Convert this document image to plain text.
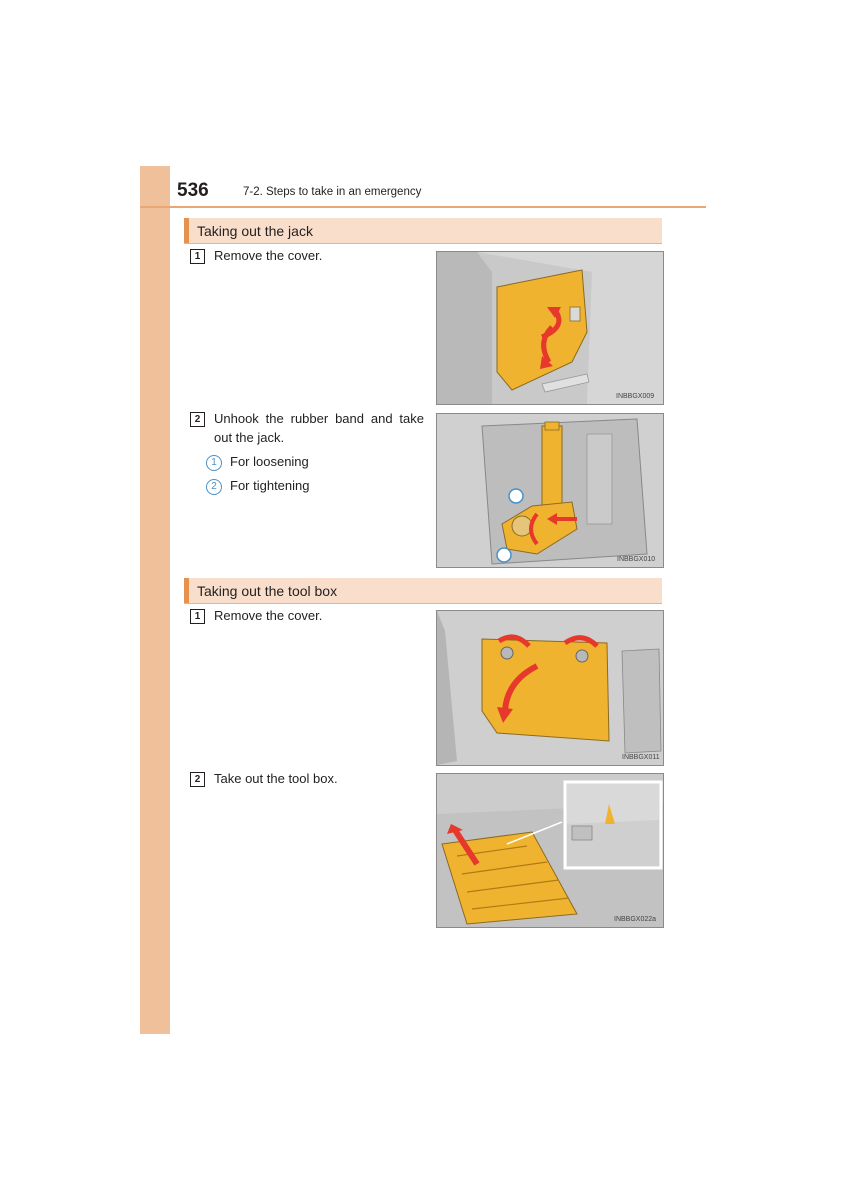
536	7-2. Steps to take in an emergency
Taking out the jack
1 Remove the cover.
INBBGX009
2	Unhook the rubber band and take out the jack.
1 For loosening
2 For tightening
INBBGX010
Taking out the tool box
1 Remove the cover.
INBBGX011
2 Take out the tool box.
INBBGX022a
